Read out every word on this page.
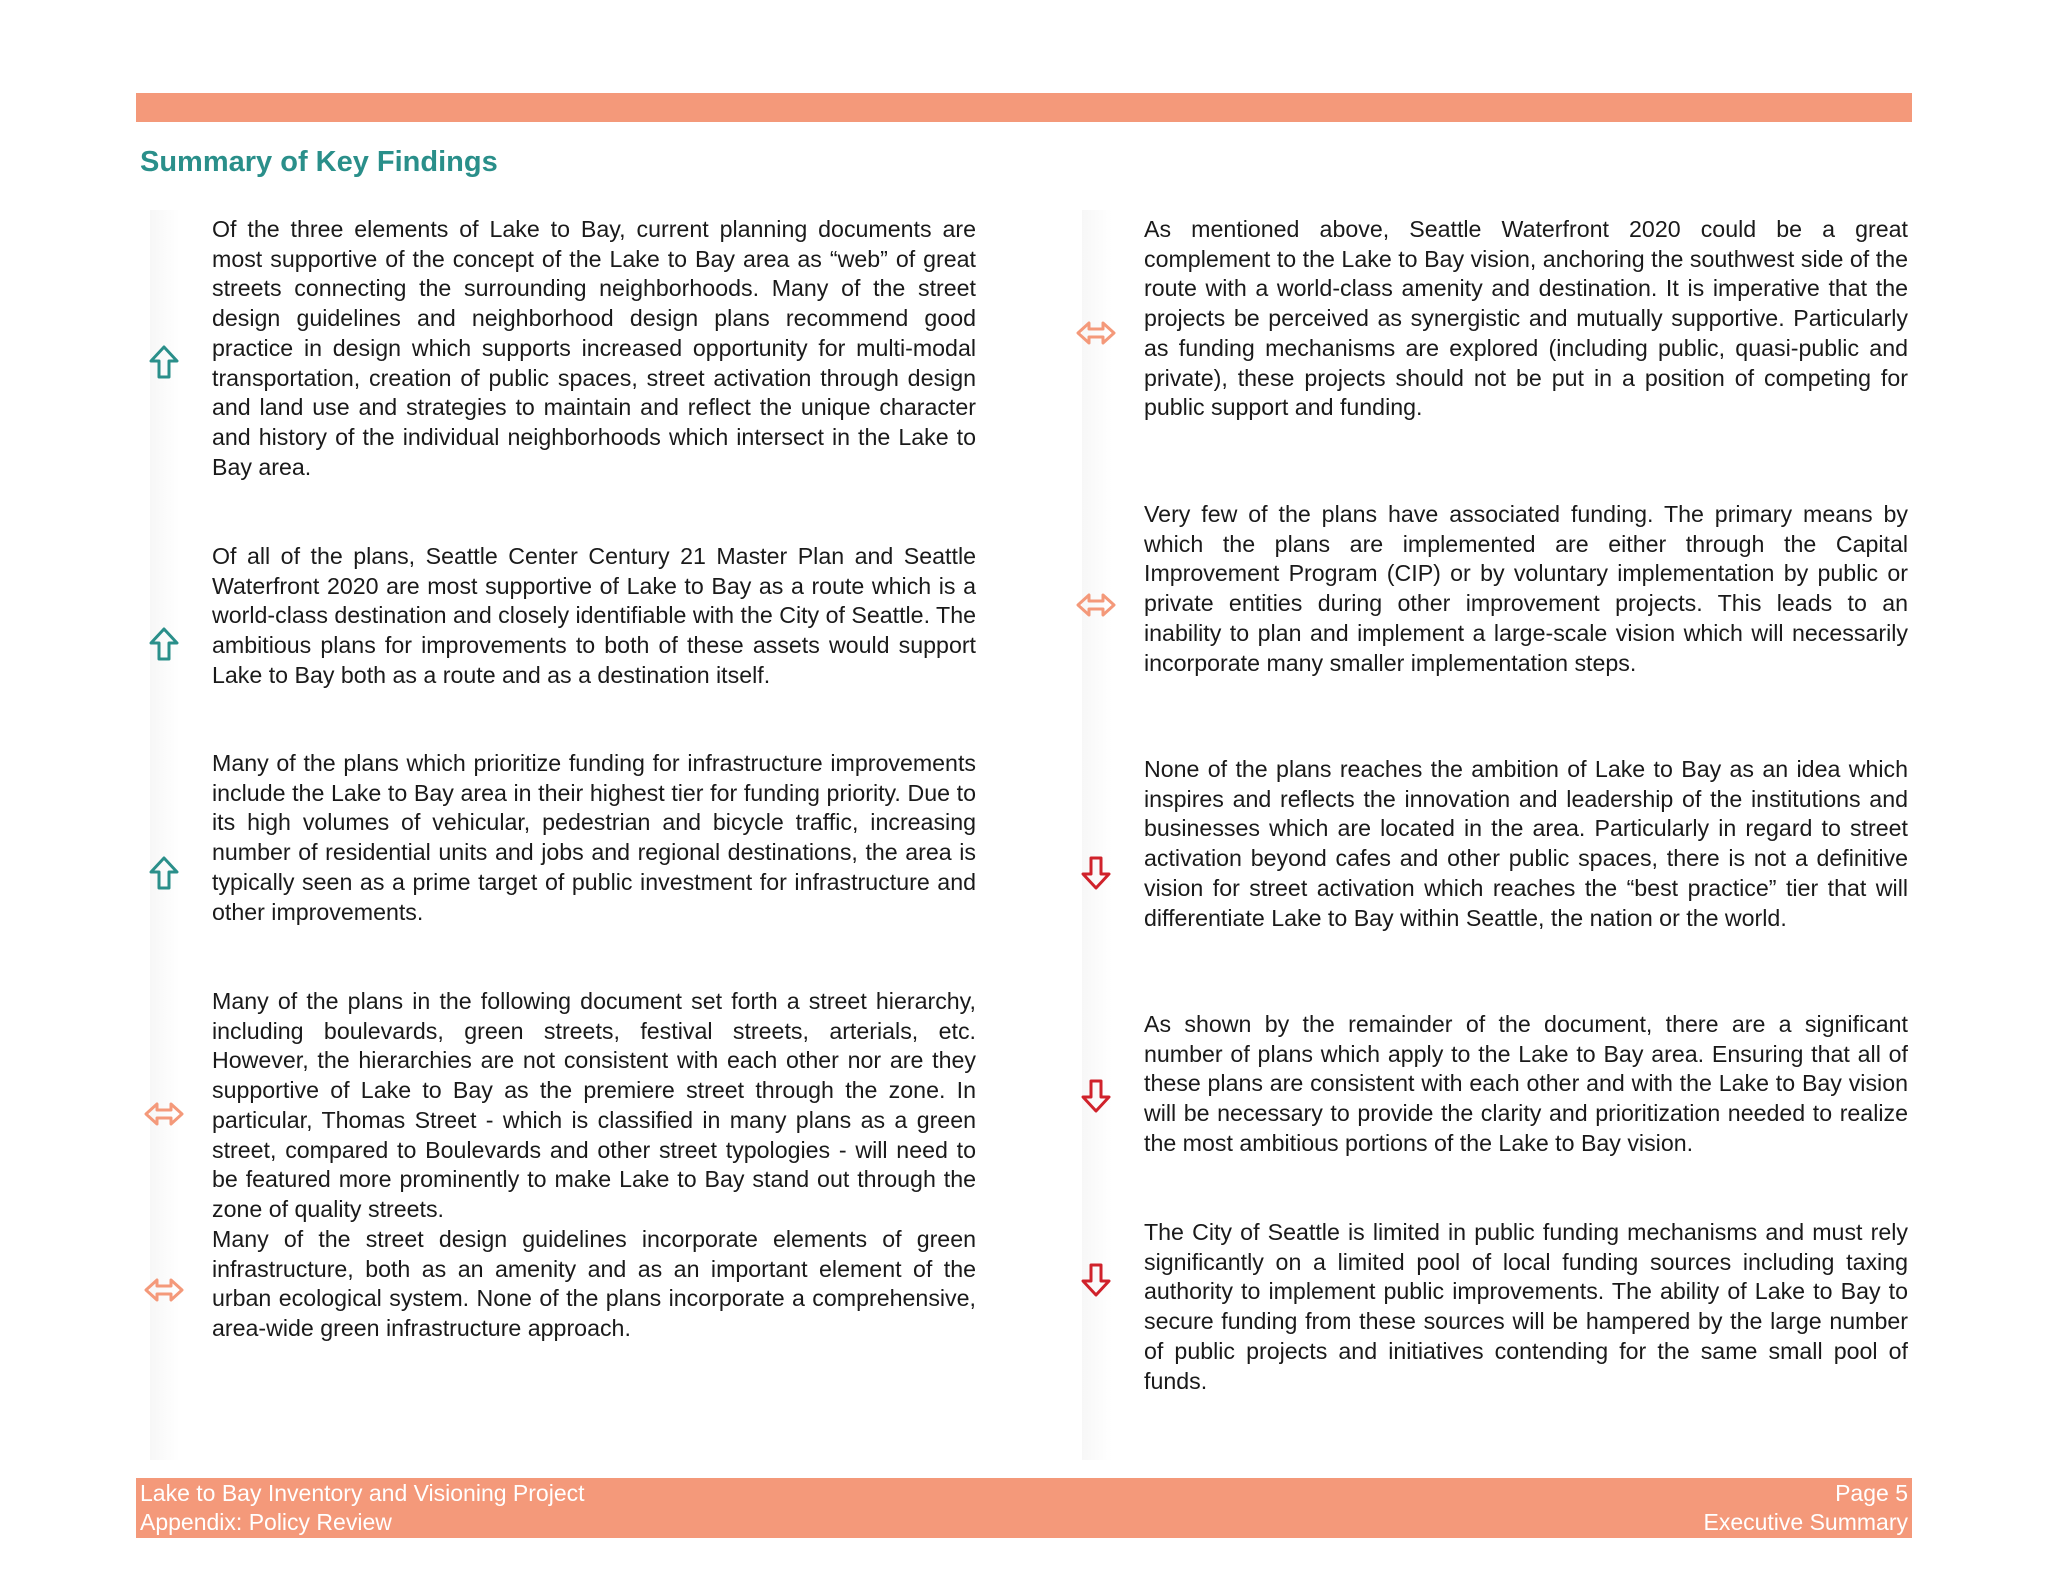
Summary of Key Findings

Of the three elements of Lake to Bay, current planning documents are most supportive of the concept of the Lake to Bay area as “web” of great streets connecting the surrounding neighborhoods. Many of the street design guidelines and neighborhood design plans recommend good practice in design which supports increased opportunity for multi-modal transportation, creation of public spaces, street activation through design and land use and strategies to maintain and reflect the unique character and history of the individual neighborhoods which intersect in the Lake to Bay area.

Of all of the plans, Seattle Center Century 21 Master Plan and Seattle Waterfront 2020 are most supportive of Lake to Bay as a route which is a world-class destination and closely identifiable with the City of Seattle. The ambitious plans for improvements to both of these assets would support Lake to Bay both as a route and as a destination itself.

Many of the plans which prioritize funding for infrastructure improvements include the Lake to Bay area in their highest tier for funding priority. Due to its high volumes of vehicular, pedestrian and bicycle traffic, increasing number of residential units and jobs and regional destinations, the area is typically seen as a prime target of public investment for infrastructure and other improvements.

Many of the plans in the following document set forth a street hierarchy, including boulevards, green streets, festival streets, arterials, etc. However, the hierarchies are not consistent with each other nor are they supportive of Lake to Bay as the premiere street through the zone. In particular, Thomas Street - which is classified in many plans as a green street, compared to Boulevards and other street typologies - will need to be featured more prominently to make Lake to Bay stand out through the zone of quality streets.

Many of the street design guidelines incorporate elements of green infrastructure, both as an amenity and as an important element of the urban ecological system. None of the plans incorporate a comprehensive, area-wide green infrastructure approach.

As mentioned above, Seattle Waterfront 2020 could be a great complement to the Lake to Bay vision, anchoring the southwest side of the route with a world-class amenity and destination. It is imperative that the projects be perceived as synergistic and mutually supportive. Particularly as funding mechanisms are explored (including public, quasi-public and private), these projects should not be put in a position of competing for public support and funding.

Very few of the plans have associated funding. The primary means by which the plans are implemented are either through the Capital Improvement Program (CIP) or by voluntary implementation by public or private entities during other improvement projects. This leads to an inability to plan and implement a large-scale vision which will necessarily incorporate many smaller implementation steps.

None of the plans reaches the ambition of Lake to Bay as an idea which inspires and reflects the innovation and leadership of the institutions and businesses which are located in the area. Particularly in regard to street activation beyond cafes and other public spaces, there is not a definitive vision for street activation which reaches the “best practice” tier that will differentiate Lake to Bay within Seattle, the nation or the world.

As shown by the remainder of the document, there are a significant number of plans which apply to the Lake to Bay area. Ensuring that all of these plans are consistent with each other and with the Lake to Bay vision will be necessary to provide the clarity and prioritization needed to realize the most ambitious portions of the Lake to Bay vision.

The City of Seattle is limited in public funding mechanisms and must rely significantly on a limited pool of local funding sources including taxing authority to implement public improvements. The ability of Lake to Bay to secure funding from these sources will be hampered by the large number of public projects and initiatives contending for the same small pool of funds.

Lake to Bay Inventory and Visioning Project
Appendix: Policy Review
Page 5
Executive Summary
